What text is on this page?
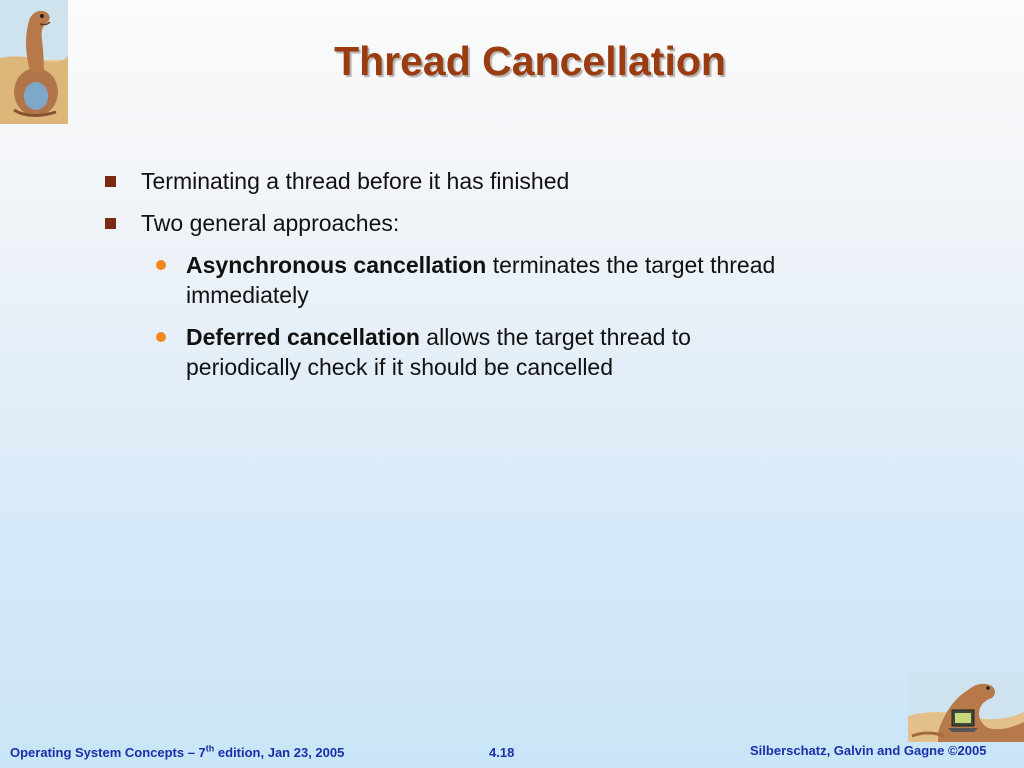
Thread Cancellation
Terminating a thread before it has finished
Two general approaches:
Asynchronous cancellation terminates the target thread immediately
Deferred cancellation allows the target thread to periodically check if it should be cancelled
Operating System Concepts – 7th edition, Jan 23, 2005	4.18	Silberschatz, Galvin and Gagne ©2005
